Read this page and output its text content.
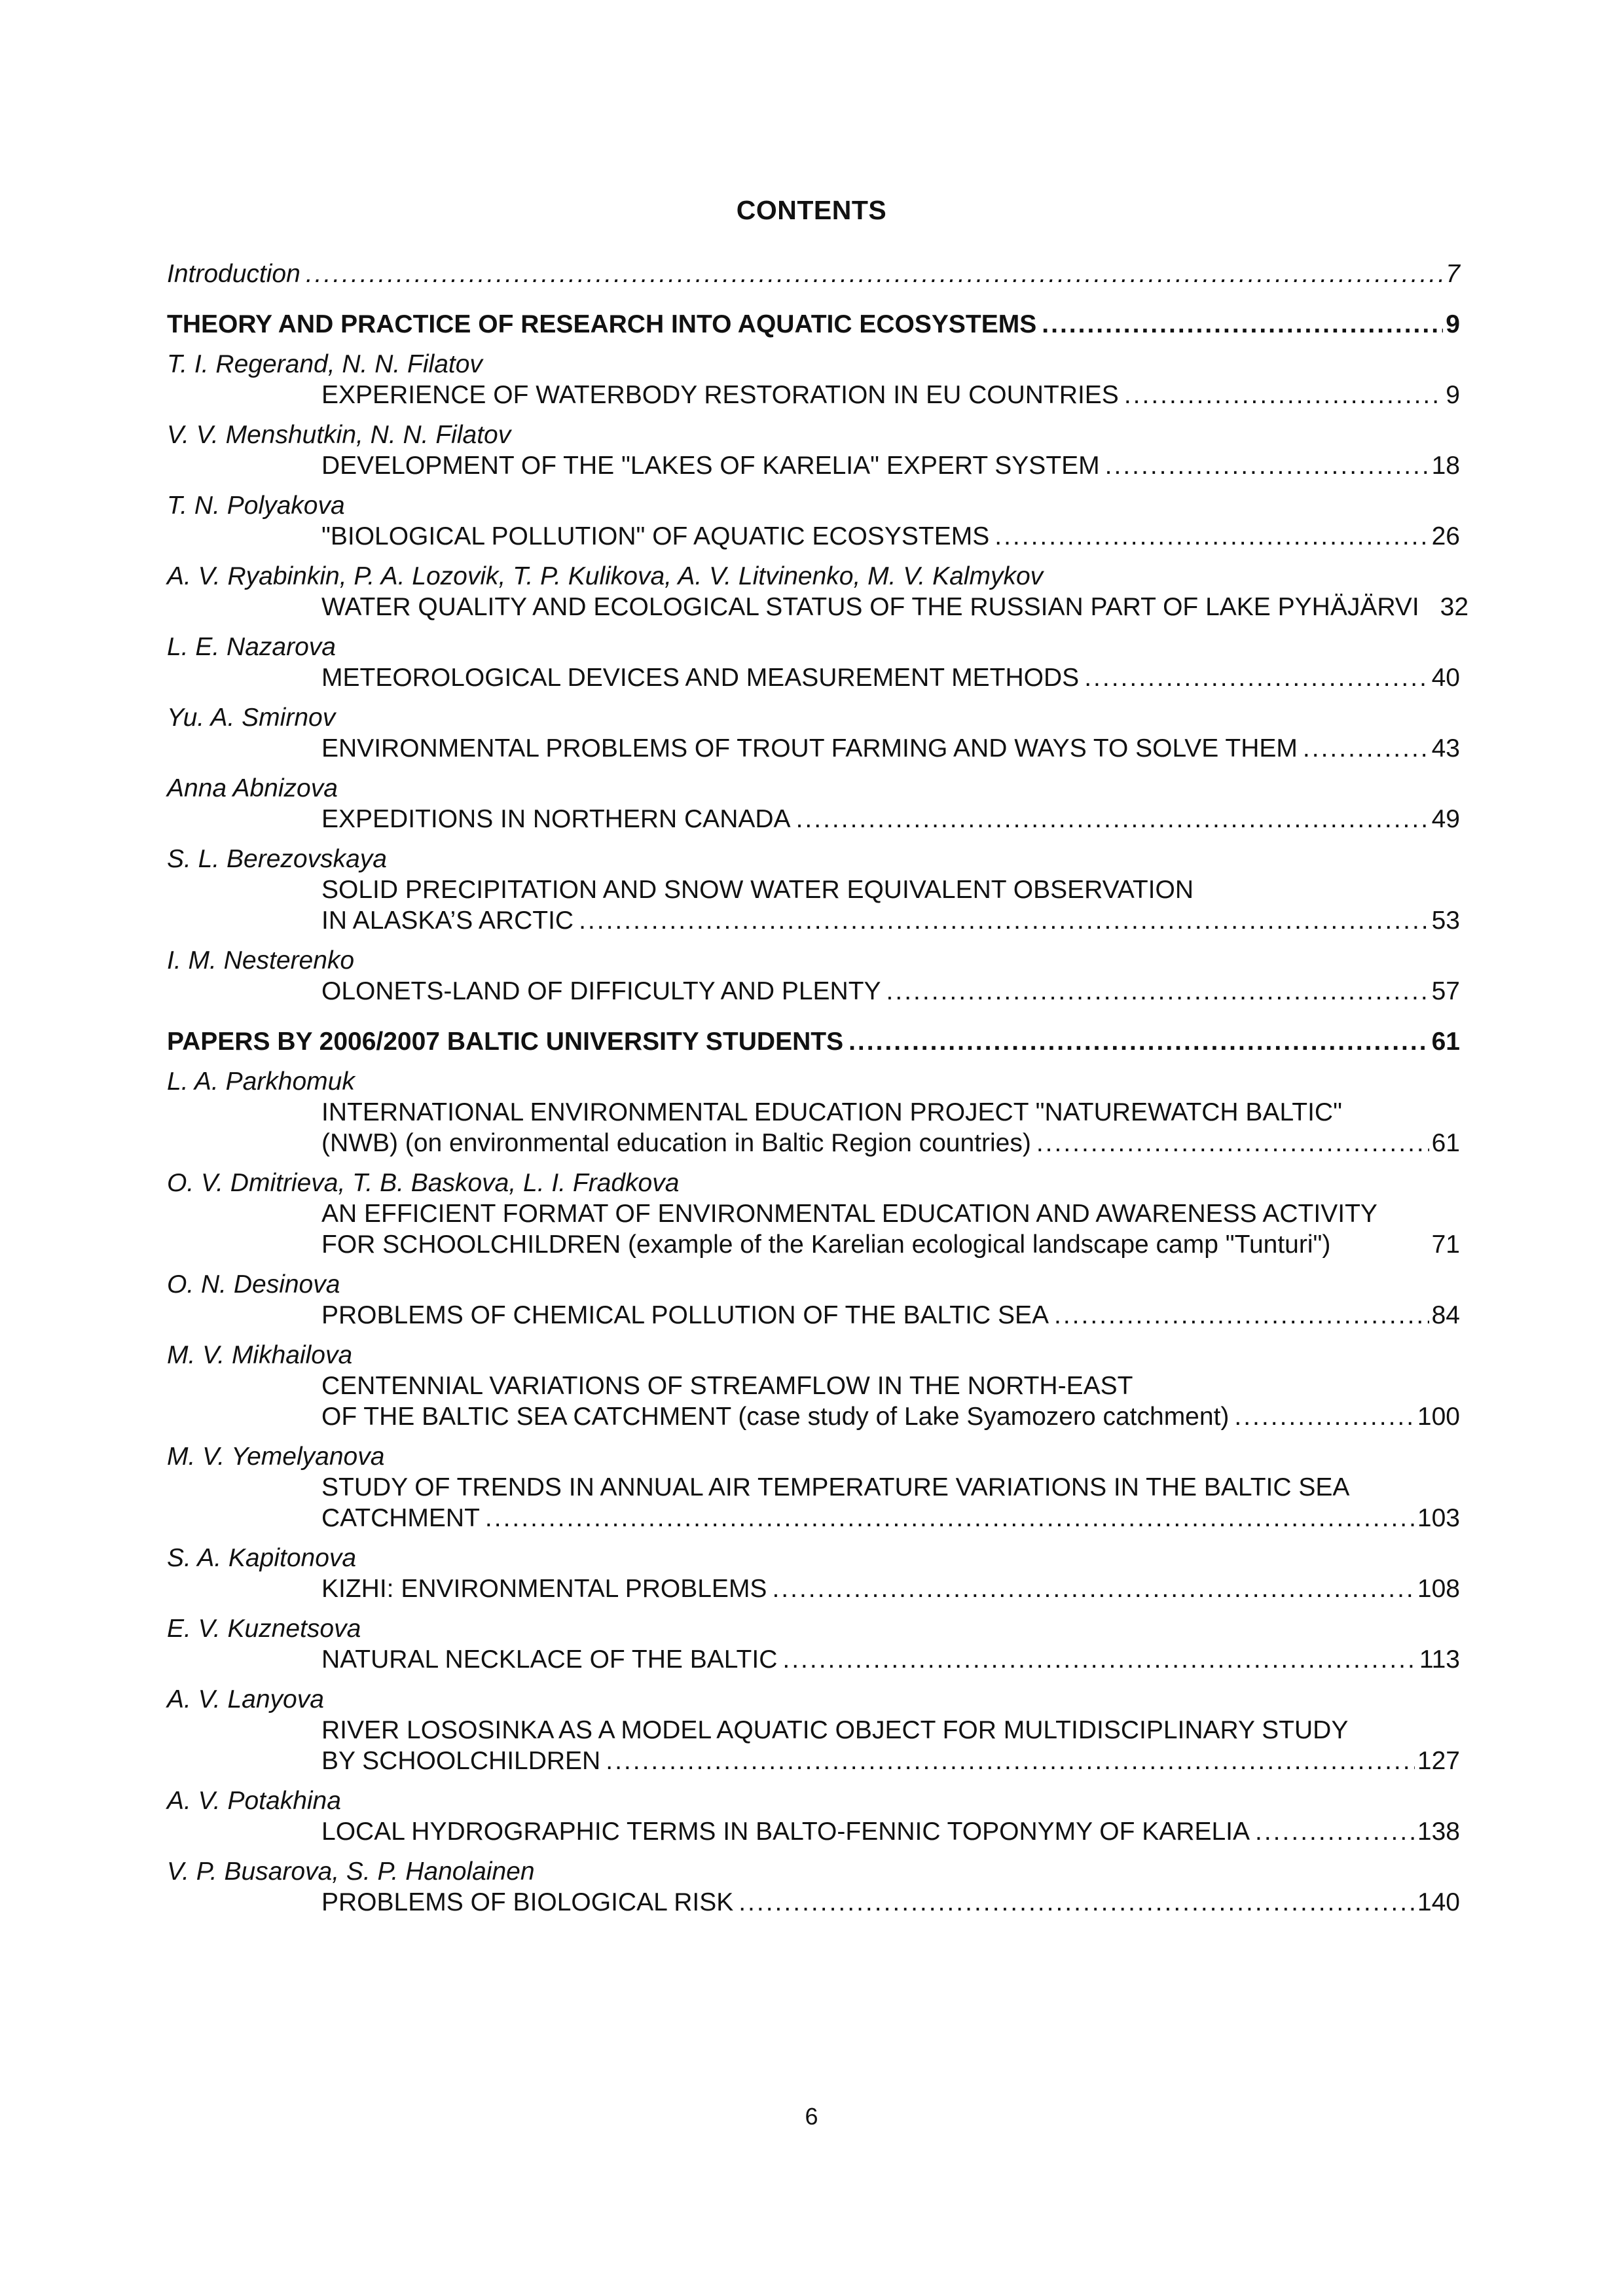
CONTENTS
Introduction .....	7
THEORY AND PRACTICE OF RESEARCH INTO AQUATIC ECOSYSTEMS .....	9
T. I. Regerand, N. N. Filatov
EXPERIENCE OF WATERBODY RESTORATION IN EU COUNTRIES .....	9
V. V. Menshutkin, N. N. Filatov
DEVELOPMENT OF THE "LAKES OF KARELIA" EXPERT SYSTEM .....	18
T. N. Polyakova
"BIOLOGICAL POLLUTION" OF AQUATIC ECOSYSTEMS .....	26
A. V. Ryabinkin, P. A. Lozovik, T. P. Kulikova, A. V. Litvinenko, M. V. Kalmykov
WATER QUALITY AND ECOLOGICAL STATUS OF THE RUSSIAN PART OF LAKE PYHÄJÄRVI 32
L. E. Nazarova
METEOROLOGICAL DEVICES AND MEASUREMENT METHODS .....	40
Yu. A. Smirnov
ENVIRONMENTAL PROBLEMS OF TROUT FARMING AND WAYS TO SOLVE THEM .....	43
Anna Abnizova
EXPEDITIONS IN NORTHERN CANADA .....	49
S. L. Berezovskaya
SOLID PRECIPITATION AND SNOW WATER EQUIVALENT OBSERVATION
IN ALASKA’S ARCTIC .....	53
I. M. Nesterenko
OLONETS-LAND OF DIFFICULTY AND PLENTY .....	57
PAPERS BY 2006/2007 BALTIC UNIVERSITY STUDENTS .....	61
L. A. Parkhomuk
INTERNATIONAL ENVIRONMENTAL EDUCATION PROJECT "NATUREWATCH BALTIC"
(NWB) (on environmental education in Baltic Region countries) .....	61
O. V. Dmitrieva, T. B. Baskova, L. I. Fradkova
AN EFFICIENT FORMAT OF ENVIRONMENTAL EDUCATION AND AWARENESS ACTIVITY
FOR SCHOOLCHILDREN (example of the Karelian ecological landscape camp "Tunturi")	71
O. N. Desinova
PROBLEMS OF CHEMICAL POLLUTION OF THE BALTIC SEA .....	84
M. V. Mikhailova
CENTENNIAL VARIATIONS OF STREAMFLOW IN THE NORTH-EAST
OF THE BALTIC SEA CATCHMENT (case study of Lake Syamozero catchment) .....	100
M. V. Yemelyanova
STUDY OF TRENDS IN ANNUAL AIR TEMPERATURE VARIATIONS IN THE BALTIC SEA
CATCHMENT .....	103
S. A. Kapitonova
KIZHI: ENVIRONMENTAL PROBLEMS .....	108
E. V. Kuznetsova
NATURAL NECKLACE OF THE BALTIC .....	113
A. V. Lanyova
RIVER LOSOSINKA AS A MODEL AQUATIC OBJECT FOR MULTIDISCIPLINARY STUDY
BY SCHOOLCHILDREN .....	127
A. V. Potakhina
LOCAL HYDROGRAPHIC TERMS IN BALTO-FENNIC TOPONYMY OF KARELIA .....	138
V. P. Busarova, S. P. Hanolainen
PROBLEMS OF BIOLOGICAL RISK .....	140
6
